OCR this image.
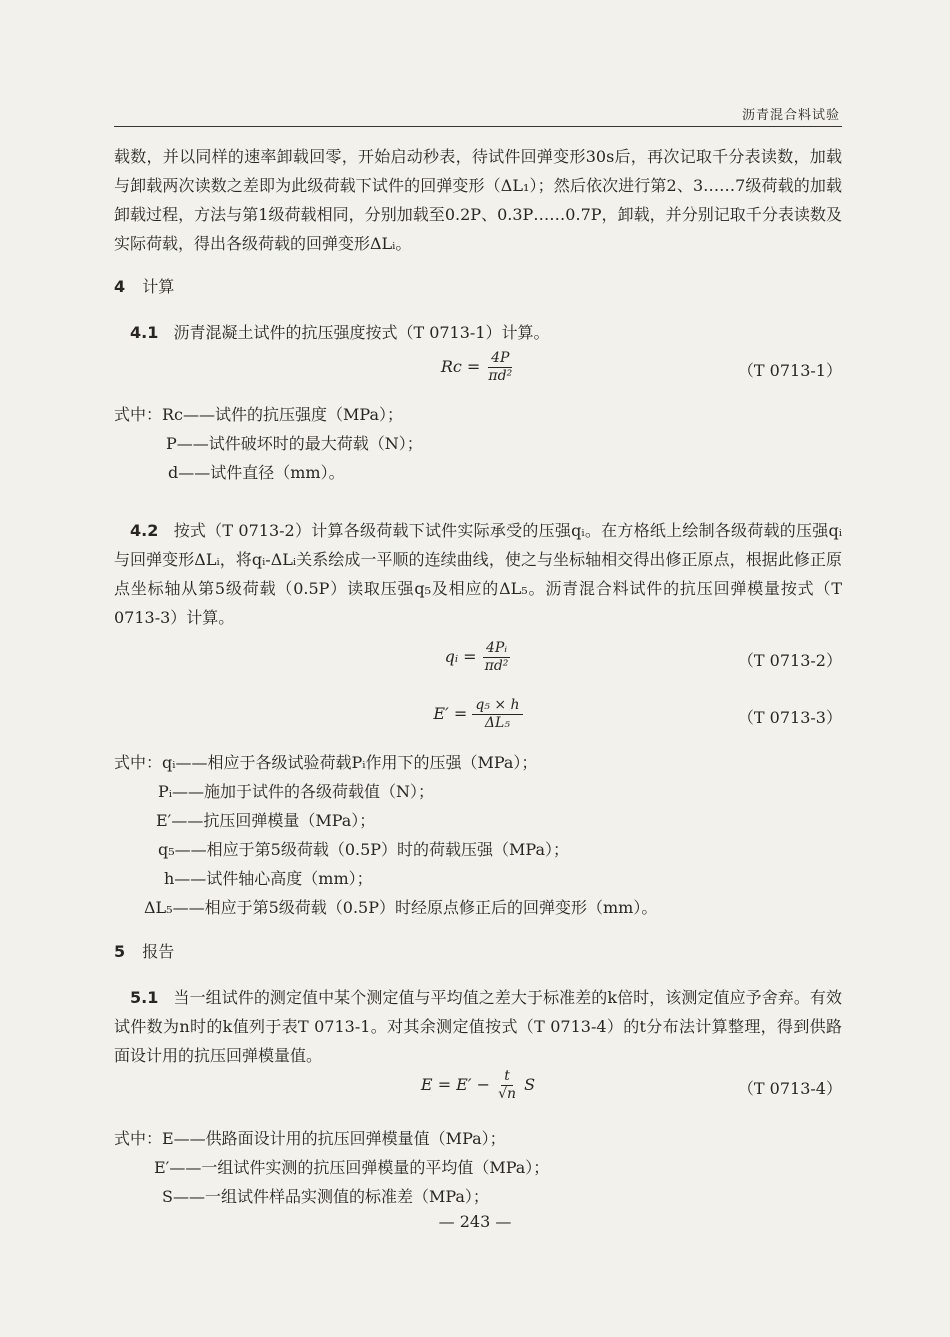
沥青混合料试验

载数，并以同样的速率卸载回零，开始启动秒表，待试件回弹变形30s后，再次记取千分表读数，加载与卸载两次读数之差即为此级荷载下试件的回弹变形（ΔL₁）；然后依次进行第2、3……7级荷载的加载卸载过程，方法与第1级荷载相同，分别加载至0.2P、0.3P……0.7P，卸载，并分别记取千分表读数及实际荷载，得出各级荷载的回弹变形ΔLᵢ。

4 计算

4.1 沥青混凝土试件的抗压强度按式（T 0713-1）计算。

$Rc = \frac{4P}{\text{πd²}}$	（T 0713-1）
式中：Rc——试件的抗压强度（MPa）；
P——试件破坏时的最大荷载（N）；
d——试件直径（mm）。

4.2 按式（T 0713-2）计算各级荷载下试件实际承受的压强qᵢ。在方格纸上绘制各级荷载的压强qᵢ与回弹变形ΔLᵢ，将qᵢ-ΔLᵢ关系绘成一平顺的连续曲线，使之与坐标轴相交得出修正原点，根据此修正原点坐标轴从第5级荷载（0.5P）读取压强q₅及相应的ΔL₅。沥青混合料试件的抗压回弹模量按式（T 0713-3）计算。

qᵢ = $\frac{\text{4Pᵢ}}{\text{πd²}}$	（T 0713-2）
$E' = \frac{\text{q₅ × h}}{\text{ΔL₅}}$	（T 0713-3）
式中：qᵢ——相应于各级试验荷载Pᵢ作用下的压强（MPa）；
Pᵢ——施加于试件的各级荷载值（N）；
E′——抗压回弹模量（MPa）；
q₅——相应于第5级荷载（0.5P）时的荷载压强（MPa）；
h——试件轴心高度（mm）；
ΔL₅——相应于第5级荷载（0.5P）时经原点修正后的回弹变形（mm）。
5 报告

5.1 当一组试件的测定值中某个测定值与平均值之差大于标准差的k倍时，该测定值应予舍弃。有效试件数为n时的k值列于表T 0713-1。对其余测定值按式（T 0713-4）的t分布法计算整理，得到供路面设计用的抗压回弹模量值。

$E = E' - \frac{t}{√n}$ S	（T 0713-4）
式中：E——供路面设计用的抗压回弹模量值（MPa）；
E′——一组试件实测的抗压回弹模量的平均值（MPa）；
S——一组试件样品实测值的标准差（MPa）；
— 243 —
